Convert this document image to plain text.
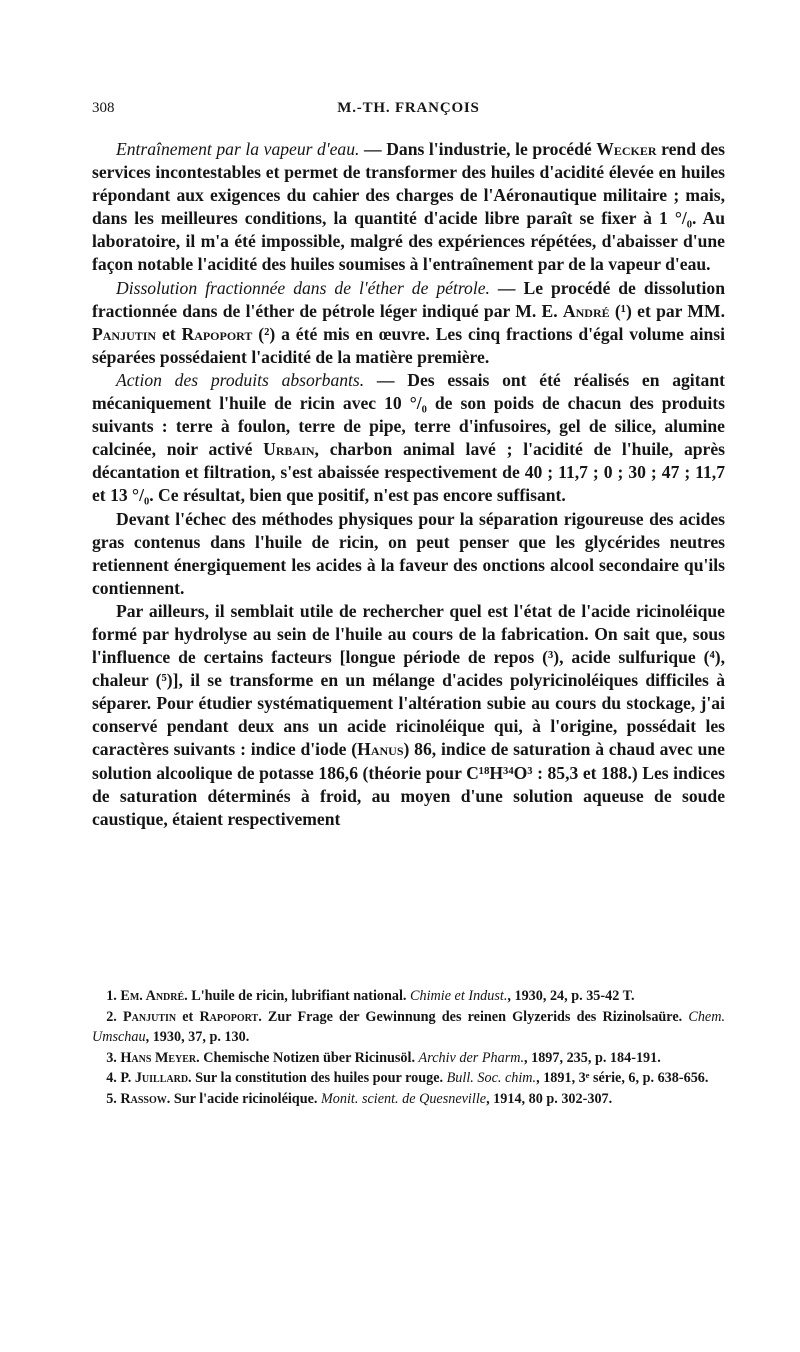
308	M.-TH. FRANÇOIS

Entraînement par la vapeur d'eau. — Dans l'industrie, le procédé Wecker rend des services incontestables et permet de transformer des huiles d'acidité élevée en huiles répondant aux exigences du cahier des charges de l'Aéronautique militaire ; mais, dans les meilleures conditions, la quantité d'acide libre paraît se fixer à 1 °/₀. Au laboratoire, il m'a été impossible, malgré des expériences répétées, d'abaisser d'une façon notable l'acidité des huiles soumises à l'entraînement par de la vapeur d'eau.

Dissolution fractionnée dans de l'éther de pétrole. — Le procédé de dissolution fractionnée dans de l'éther de pétrole léger indiqué par M. E. André (¹) et par MM. Panjutin et Rapoport (²) a été mis en œuvre. Les cinq fractions d'égal volume ainsi séparées possédaient l'acidité de la matière première.

Action des produits absorbants. — Des essais ont été réalisés en agitant mécaniquement l'huile de ricin avec 10 °/₀ de son poids de chacun des produits suivants : terre à foulon, terre de pipe, terre d'infusoires, gel de silice, alumine calcinée, noir activé Urbain, charbon animal lavé ; l'acidité de l'huile, après décantation et filtration, s'est abaissée respectivement de 40 ; 11,7 ; 0 ; 30 ; 47 ; 11,7 et 13 °/₀. Ce résultat, bien que positif, n'est pas encore suffisant.

Devant l'échec des méthodes physiques pour la séparation rigoureuse des acides gras contenus dans l'huile de ricin, on peut penser que les glycérides neutres retiennent énergiquement les acides à la faveur des onctions alcool secondaire qu'ils contiennent.

Par ailleurs, il semblait utile de rechercher quel est l'état de l'acide ricinoléique formé par hydrolyse au sein de l'huile au cours de la fabrication. On sait que, sous l'influence de certains facteurs [longue période de repos (³), acide sulfurique (⁴), chaleur (⁵)], il se transforme en un mélange d'acides polyricinoléiques difficiles à séparer. Pour étudier systématiquement l'altération subie au cours du stockage, j'ai conservé pendant deux ans un acide ricinoléique qui, à l'origine, possédait les caractères suivants : indice d'iode (Hanus) 86, indice de saturation à chaud avec une solution alcoolique de potasse 186,6 (théorie pour C¹⁸H³⁴O³ : 85,3 et 188.) Les indices de saturation déterminés à froid, au moyen d'une solution aqueuse de soude caustique, étaient respectivement

 1. Em. André. L'huile de ricin, lubrifiant national. Chimie et Indust., 1930, 24, p. 35-42 T.

 2. Panjutin et Rapoport. Zur Frage der Gewinnung des reinen Glyzerids des Rizinolsaüre. Chem. Umschau, 1930, 37, p. 130.

 3. Hans Meyer. Chemische Notizen über Ricinusöl. Archiv der Pharm., 1897, 235, p. 184-191.

 4. P. Juillard. Sur la constitution des huiles pour rouge. Bull. Soc. chim., 1891, 3ᵉ série, 6, p. 638-656.

 5. Rassow. Sur l'acide ricinoléique. Monit. scient. de Quesneville, 1914, 80 p. 302-307.
